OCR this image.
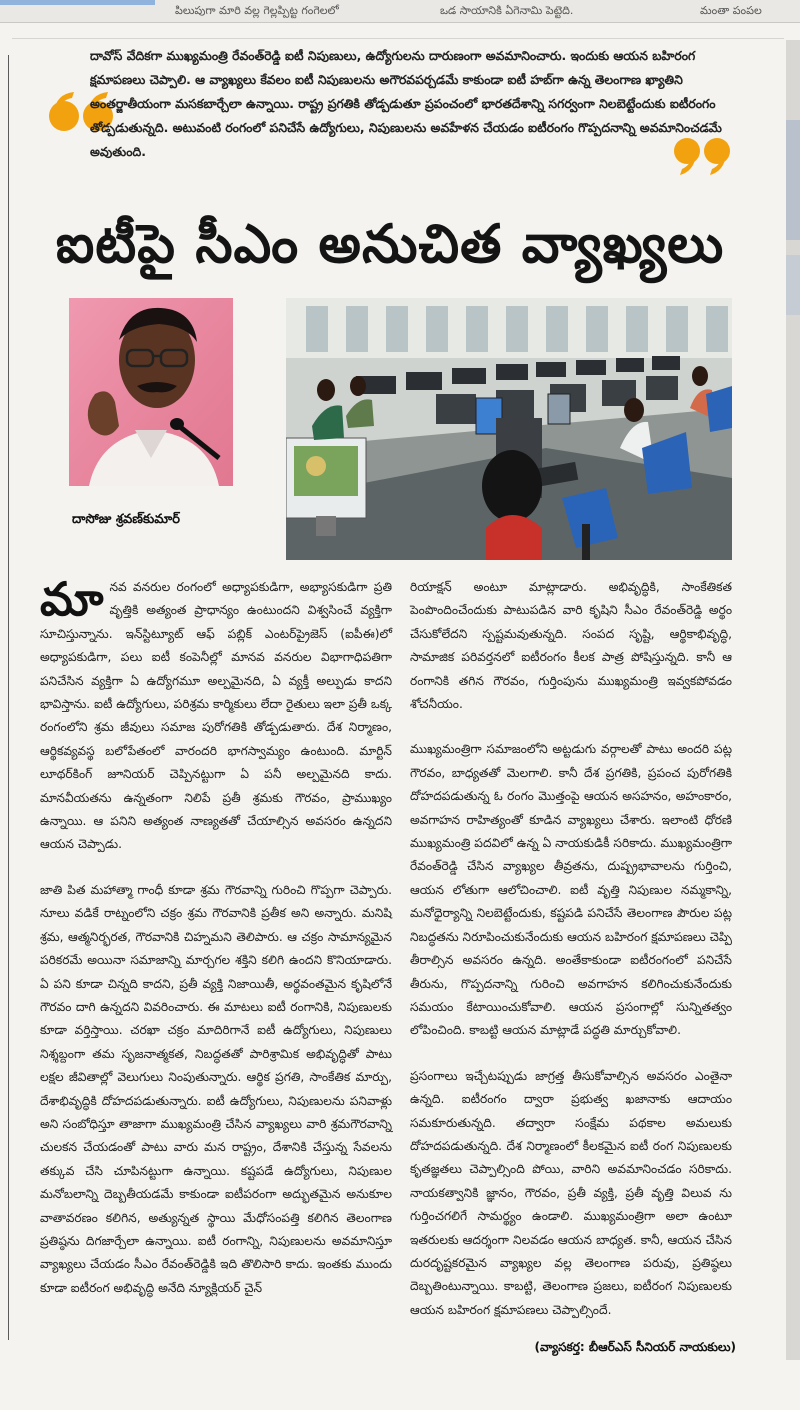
పిలుపుగా మారి వల్ల గెల్లప్పిట్ట గంగెలలో	ఒడ సాయానికి ఏగెనామి పెట్టెది.	మంతా పంపల

దావోస్ వేదికగా ముఖ్యమంత్రి రేవంత్‌రెడ్డి ఐటీ నిపుణులు, ఉద్యోగులను దారుణంగా అవమానించారు. ఇందుకు ఆయన బహిరంగ క్షమాపణలు చెప్పాలి. ఆ వ్యాఖ్యలు కేవలం ఐటీ నిపుణులను అగౌరవపర్చడమే కాకుండా ఐటీ హబ్‌గా ఉన్న తెలంగాణ ఖ్యాతిని అంతర్జాతీయంగా మసకబార్చేలా ఉన్నాయి. రాష్ట్ర ప్రగతికి తోడ్పడుతూ ప్రపంచంలో భారతదేశాన్ని సగర్వంగా నిలబెట్టేందుకు ఐటీరంగం తోడ్పడుతున్నది. అటువంటి రంగంలో పనిచేసే ఉద్యోగులు, నిపుణులను అవహేళన చేయడం ఐటీరంగం గొప్పదనాన్ని అవమానించడమే అవుతుంది.

ఐటీపై సీఎం అనుచిత వ్యాఖ్యలు
దాసోజు శ్రవణ్‌కుమార్

మానవ వనరుల రంగంలో అధ్యాపకుడిగా, అభ్యాసకుడిగా ప్రతి వృత్తికి అత్యంత ప్రాధాన్యం ఉంటుందని విశ్వసించే వ్యక్తిగా సూచిస్తున్నాను. ఇన్‌స్టిట్యూట్ ఆఫ్ పబ్లిక్ ఎంటర్‌ప్రైజెస్ (ఐపీఈ)లో అధ్యాపకుడిగా, పలు ఐటీ కంపెనీల్లో మానవ వనరుల విభాగాధిపతిగా పనిచేసిన వ్యక్తిగా ఏ ఉద్యోగమూ అల్పమైనది, ఏ వ్యక్తీ అల్పుడు కాదని భావిస్తాను. ఐటీ ఉద్యోగులు, పరిశ్రమ కార్మికులు లేదా రైతులు ఇలా ప్రతీ ఒక్క రంగంలోని శ్రమ జీవులు సమాజ పురోగతికి తోడ్పడుతారు. దేశ నిర్మాణం, ఆర్థికవ్యవస్థ బలోపేతంలో వారందరి భాగస్వామ్యం ఉంటుంది. మార్టిన్ లూథర్‌కింగ్ జూనియర్ చెప్పినట్టుగా ఏ పనీ అల్పమైనది కాదు. మానవీయతను ఉన్నతంగా నిలిపే ప్రతీ శ్రమకు గౌరవం, ప్రాముఖ్యం ఉన్నాయి. ఆ పనిని అత్యంత నాణ్యతతో చేయాల్సిన అవసరం ఉన్నదని ఆయన చెప్పాడు.

జాతి పిత మహాత్మా గాంధీ కూడా శ్రమ గౌరవాన్ని గురించి గొప్పగా చెప్పారు. నూలు వడికే రాట్నంలోని చక్రం శ్రమ గౌరవానికి ప్రతీక అని అన్నారు. మనిషి శ్రమ, ఆత్మనిర్భరత, గౌరవానికి చిహ్నమని తెలిపారు. ఆ చక్రం సామాన్యమైన పరికరమే అయినా సమాజాన్ని మార్చగల శక్తిని కలిగి ఉందని కొనియాడారు. ఏ పని కూడా చిన్నది కాదని, ప్రతీ వ్యక్తి నిజాయితీ, అర్థవంతమైన కృషిలోనే గౌరవం దాగి ఉన్నదని వివరించారు. ఈ మాటలు ఐటీ రంగానికి, నిపుణులకు కూడా వర్తిస్తాయి. చరఖా చక్రం మాదిరిగానే ఐటీ ఉద్యోగులు, నిపుణులు నిశ్శబ్దంగా తమ సృజనాత్మకత, నిబద్ధతతో పారిశ్రామిక అభివృద్ధితో పాటు లక్షల జీవితాల్లో వెలుగులు నింపుతున్నారు. ఆర్థిక ప్రగతి, సాంకేతిక మార్పు, దేశాభివృద్ధికి దోహదపడుతున్నారు. ఐటీ ఉద్యోగులు, నిపుణులను పనివాళ్లు అని సంబోధిస్తూ తాజాగా ముఖ్యమంత్రి చేసిన వ్యాఖ్యలు వారి శ్రమగౌరవాన్ని చులకన చేయడంతో పాటు వారు మన రాష్ట్రం, దేశానికి చేస్తున్న సేవలను తక్కువ చేసి చూపినట్టుగా ఉన్నాయి. కష్టపడే ఉద్యోగులు, నిపుణుల మనోబలాన్ని దెబ్బతీయడమే కాకుండా ఐటీపరంగా అద్భుతమైన అనుకూల వాతావరణం కలిగిన, అత్యున్నత స్థాయి మేధోసంపత్తి కలిగిన తెలంగాణ ప్రతిష్ఠను దిగజార్చేలా ఉన్నాయి. ఐటీ రంగాన్ని, నిపుణులను అవమానిస్తూ వ్యాఖ్యలు చేయడం సీఎం రేవంత్‌రెడ్డికి ఇది తొలిసారి కాదు. ఇంతకు ముందు కూడా ఐటీరంగ అభివృద్ధి అనేది న్యూక్లియర్ చైన్

రియాక్షన్ అంటూ మాట్లాడారు. అభివృద్ధికి, సాంకేతికత పెంపొందించేందుకు పాటుపడిన వారి కృషిని సీఎం రేవంత్‌రెడ్డి అర్థం చేసుకోలేదని స్పష్టమవుతున్నది. సంపద సృష్టి, ఆర్థికాభివృద్ధి, సామాజిక పరివర్తనలో ఐటీరంగం కీలక పాత్ర పోషిస్తున్నది. కానీ ఆ రంగానికి తగిన గౌరవం, గుర్తింపును ముఖ్యమంత్రి ఇవ్వకపోవడం శోచనీయం.

ముఖ్యమంత్రిగా సమాజంలోని అట్టడుగు వర్గాలతో పాటు అందరి పట్ల గౌరవం, బాధ్యతతో మెలగాలి. కానీ దేశ ప్రగతికి, ప్రపంచ పురోగతికి దోహదపడుతున్న ఓ రంగం మొత్తంపై ఆయన అసహనం, అహంకారం, అవగాహన రాహిత్యంతో కూడిన వ్యాఖ్యలు చేశారు. ఇలాంటి ధోరణి ముఖ్యమంత్రి పదవిలో ఉన్న ఏ నాయకుడికీ సరికాదు. ముఖ్యమంత్రిగా రేవంత్‌రెడ్డి చేసిన వ్యాఖ్యల తీవ్రతను, దుష్ప్రభావాలను గుర్తించి, ఆయన లోతుగా ఆలోచించాలి. ఐటీ వృత్తి నిపుణుల నమ్మకాన్ని, మనోధైర్యాన్ని నిలబెట్టేందుకు, కష్టపడి పనిచేసే తెలంగాణ పౌరుల పట్ల నిబద్ధతను నిరూపించుకునేందుకు ఆయన బహిరంగ క్షమాపణలు చెప్పి తీరాల్సిన అవసరం ఉన్నది. అంతేకాకుండా ఐటీరంగంలో పనిచేసే తీరును, గొప్పదనాన్ని గురించి అవగాహన కలిగించుకునేందుకు సమయం కేటాయించుకోవాలి. ఆయన ప్రసంగాల్లో సున్నితత్వం లోపించింది. కాబట్టి ఆయన మాట్లాడే పద్ధతి మార్చుకోవాలి.

ప్రసంగాలు ఇచ్చేటప్పుడు జాగ్రత్త తీసుకోవాల్సిన అవసరం ఎంతైనా ఉన్నది. ఐటీరంగం ద్వారా ప్రభుత్వ ఖజానాకు ఆదాయం సమకూరుతున్నది. తద్వారా సంక్షేమ పథకాల అమలుకు దోహదపడుతున్నది. దేశ నిర్మాణంలో కీలకమైన ఐటీ రంగ నిపుణులకు కృతజ్ఞతలు చెప్పాల్సింది పోయి, వారిని అవమానించడం సరికాదు. నాయకత్వానికి జ్ఞానం, గౌరవం, ప్రతీ వ్యక్తి, ప్రతీ వృత్తి విలువ ను గుర్తించగలిగే సామర్థ్యం ఉండాలి. ముఖ్యమంత్రిగా అలా ఉంటూ ఇతరులకు ఆదర్శంగా నిలవడం ఆయన బాధ్యత. కానీ, ఆయన చేసిన దురదృష్టకరమైన వ్యాఖ్యల వల్ల తెలంగాణ పరువు, ప్రతిష్ఠలు దెబ్బతింటున్నాయి. కాబట్టి, తెలంగాణ ప్రజలు, ఐటీరంగ నిపుణులకు ఆయన బహిరంగ క్షమాపణలు చెప్పాల్సిందే.

(వ్యాసకర్త: బీఆర్ఎస్ సీనియర్ నాయకులు)
